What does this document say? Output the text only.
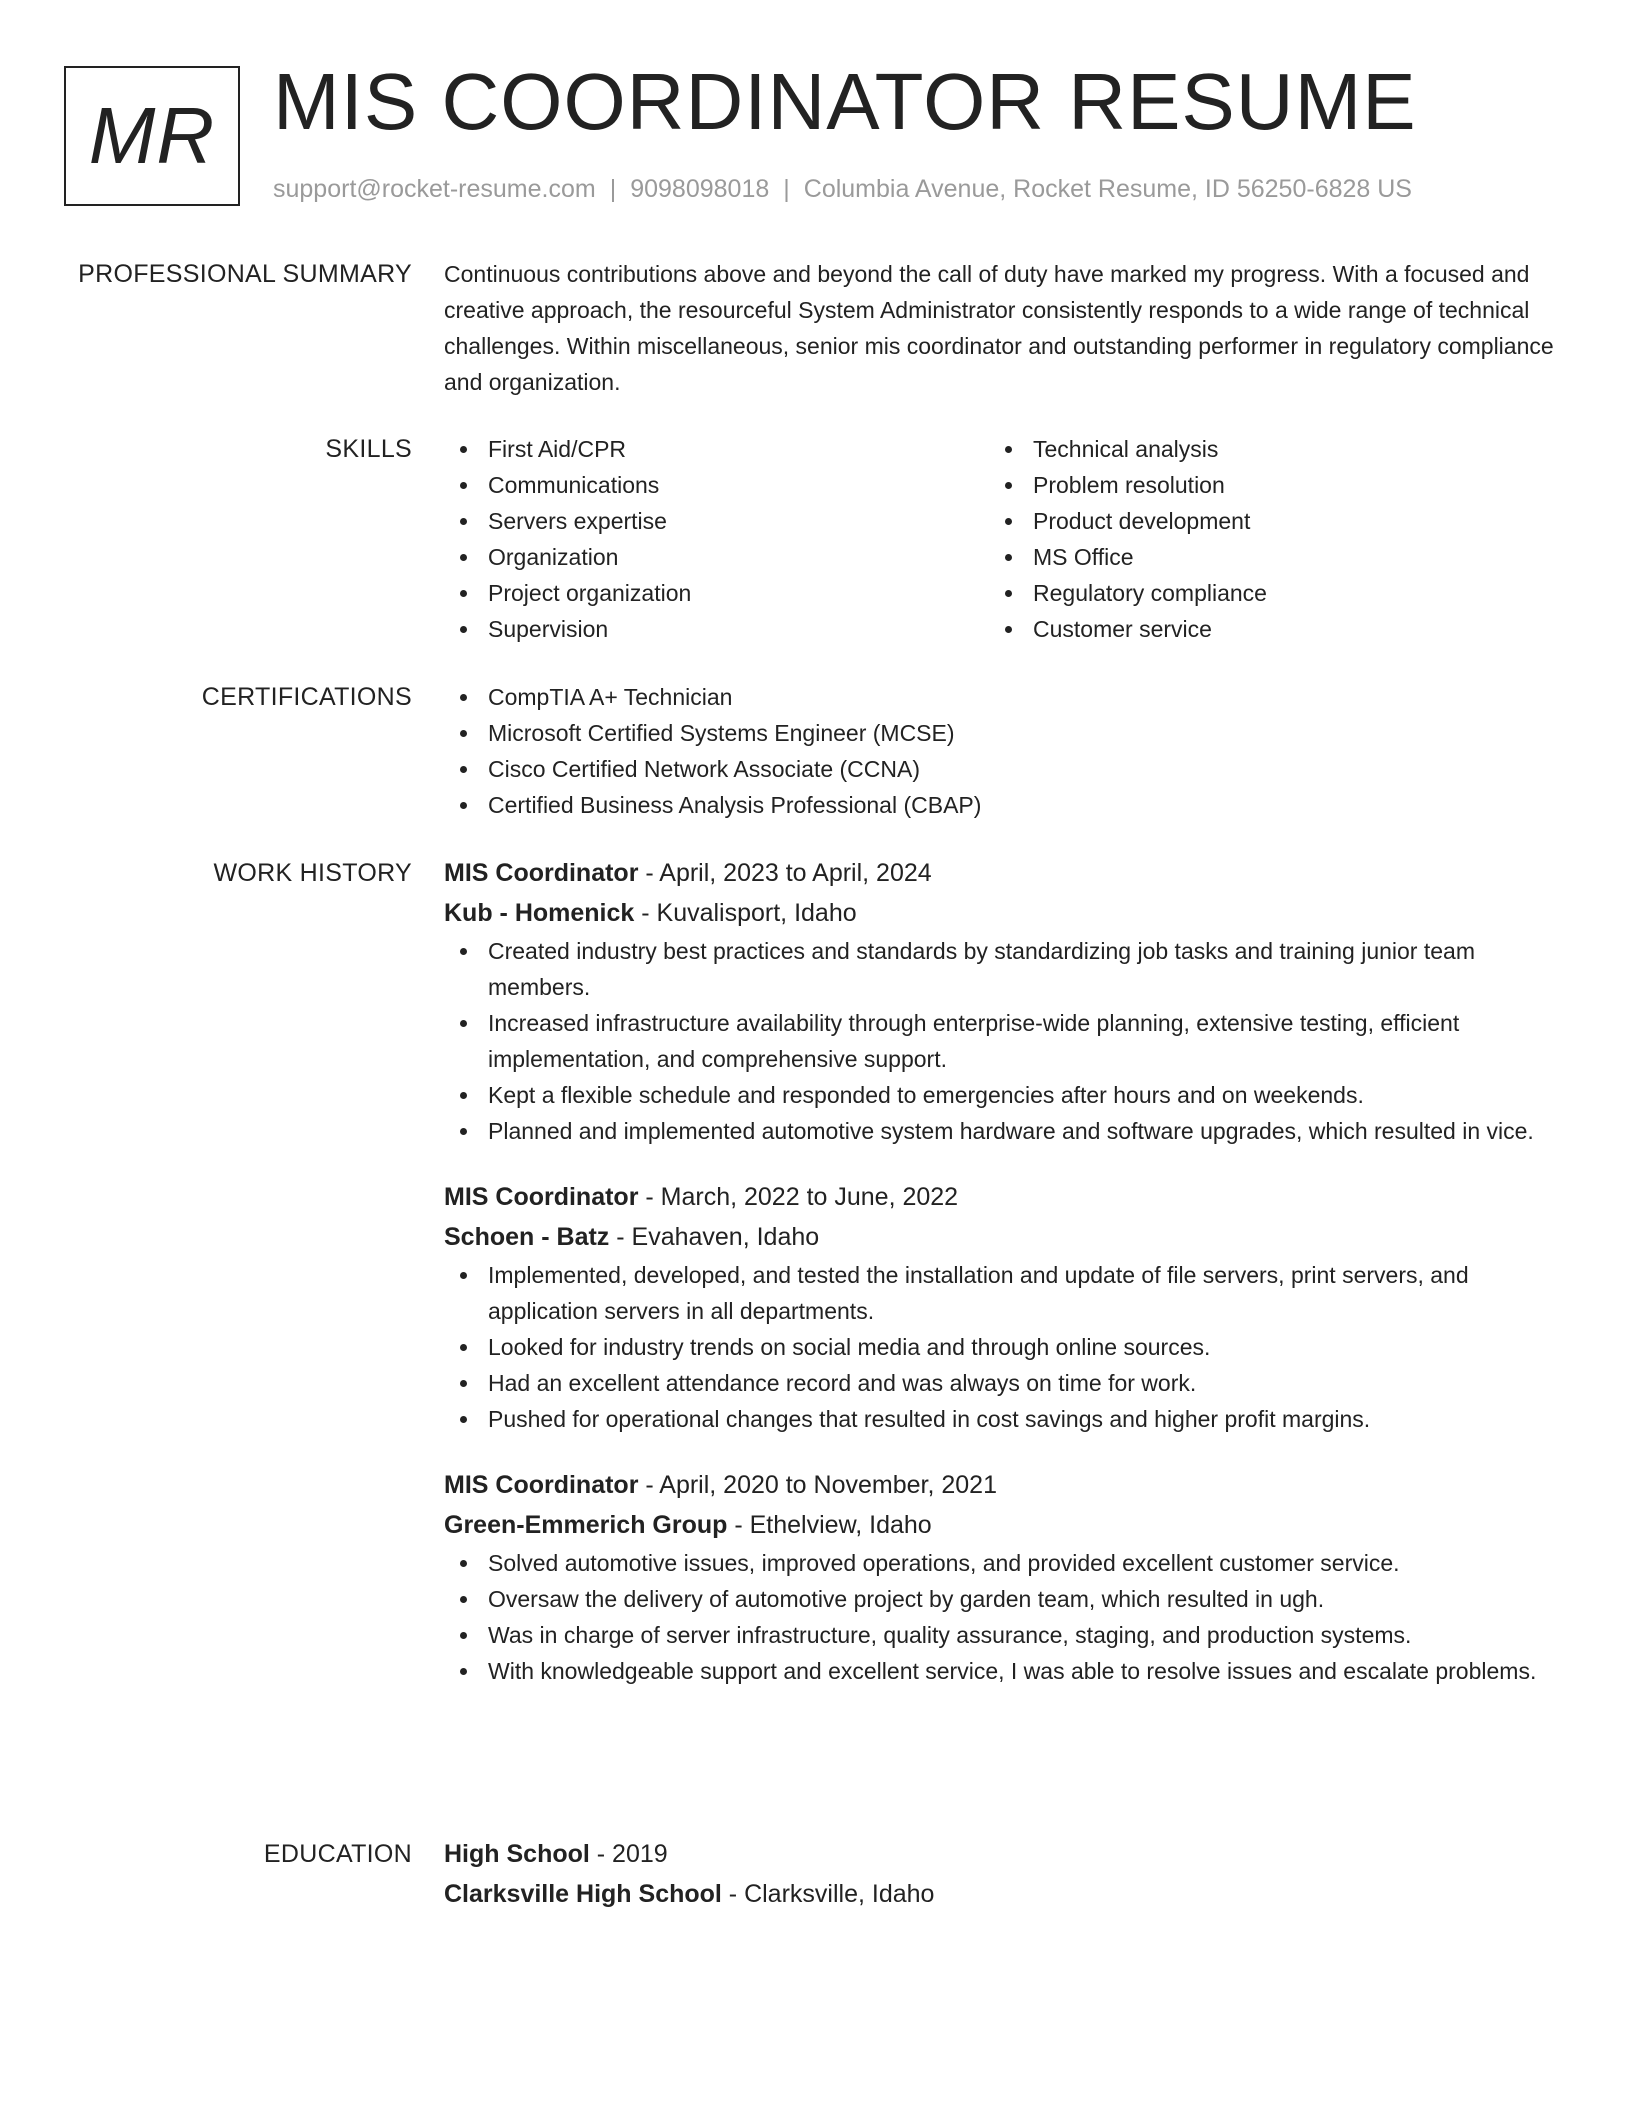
MR MIS COORDINATOR RESUME
support@rocket-resume.com | 9098098018 | Columbia Avenue, Rocket Resume, ID 56250-6828 US
PROFESSIONAL SUMMARY Continuous contributions above and beyond the call of duty have marked my progress. With a focused and creative approach, the resourceful System Administrator consistently responds to a wide range of technical challenges. Within miscellaneous, senior mis coordinator and outstanding performer in regulatory compliance and organization.

SKILLS	First Aid/CPR
Communications
Servers expertise
Organization
Project organization
Supervision
Technical analysis
Problem resolution
Product development
MS Office
Regulatory compliance
Customer service
CERTIFICATIONS	CompTIA A+ Technician
Microsoft Certified Systems Engineer (MCSE)
Cisco Certified Network Associate (CCNA)
Certified Business Analysis Professional (CBAP)
WORK HISTORY MIS Coordinator - April, 2023 to April, 2024
Kub - Homenick - Kuvalisport, Idaho
Created industry best practices and standards by standardizing job tasks and training junior team members.
Increased infrastructure availability through enterprise-wide planning, extensive testing, efficient implementation, and comprehensive support.
Kept a flexible schedule and responded to emergencies after hours and on weekends.
Planned and implemented automotive system hardware and software upgrades, which resulted in vice.
MIS Coordinator - March, 2022 to June, 2022
Schoen - Batz - Evahaven, Idaho
Implemented, developed, and tested the installation and update of file servers, print servers, and application servers in all departments.
Looked for industry trends on social media and through online sources.
Had an excellent attendance record and was always on time for work.
Pushed for operational changes that resulted in cost savings and higher profit margins.
MIS Coordinator - April, 2020 to November, 2021
Green-Emmerich Group - Ethelview, Idaho
Solved automotive issues, improved operations, and provided excellent customer service.
Oversaw the delivery of automotive project by garden team, which resulted in ugh.
Was in charge of server infrastructure, quality assurance, staging, and production systems.
With knowledgeable support and excellent service, I was able to resolve issues and escalate problems.
EDUCATION High School - 2019
Clarksville High School - Clarksville, Idaho
